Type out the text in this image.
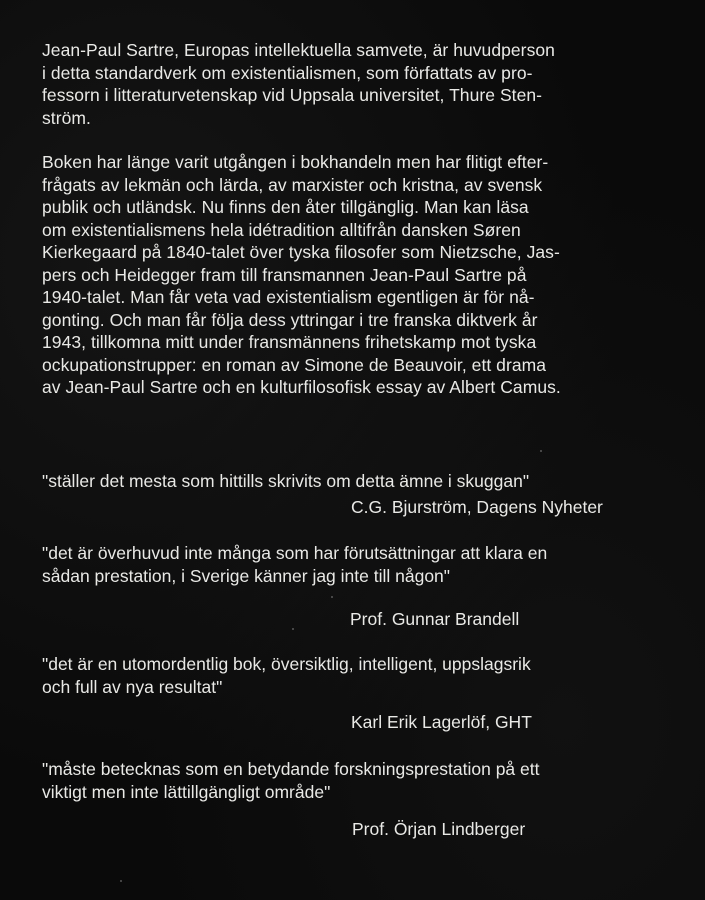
Jean-Paul Sartre, Europas intellektuella samvete, är huvudperson
i detta standardverk om existentialismen, som författats av pro-
fessorn i litteraturvetenskap vid Uppsala universitet, Thure Sten-
ström.

Boken har länge varit utgången i bokhandeln men har flitigt efter-
frågats av lekmän och lärda, av marxister och kristna, av svensk
publik och utländsk. Nu finns den åter tillgänglig. Man kan läsa
om existentialismens hela idétradition alltifrån dansken Søren
Kierkegaard på 1840-talet över tyska filosofer som Nietzsche, Jas-
pers och Heidegger fram till fransmannen Jean-Paul Sartre på
1940-talet. Man får veta vad existentialism egentligen är för nå-
gonting. Och man får följa dess yttringar i tre franska diktverk år
1943, tillkomna mitt under fransmännens frihetskamp mot tyska
ockupationstrupper: en roman av Simone de Beauvoir, ett drama
av Jean-Paul Sartre och en kulturfilosofisk essay av Albert Camus.

"ställer det mesta som hittills skrivits om detta ämne i skuggan"

C.G. Bjurström, Dagens Nyheter

"det är överhuvud inte många som har förutsättningar att klara en
sådan prestation, i Sverige känner jag inte till någon"

Prof. Gunnar Brandell

"det är en utomordentlig bok, översiktlig, intelligent, uppslagsrik
och full av nya resultat"

Karl Erik Lagerlöf, GHT

"måste betecknas som en betydande forskningsprestation på ett
viktigt men inte lättillgängligt område"

Prof. Örjan Lindberger
